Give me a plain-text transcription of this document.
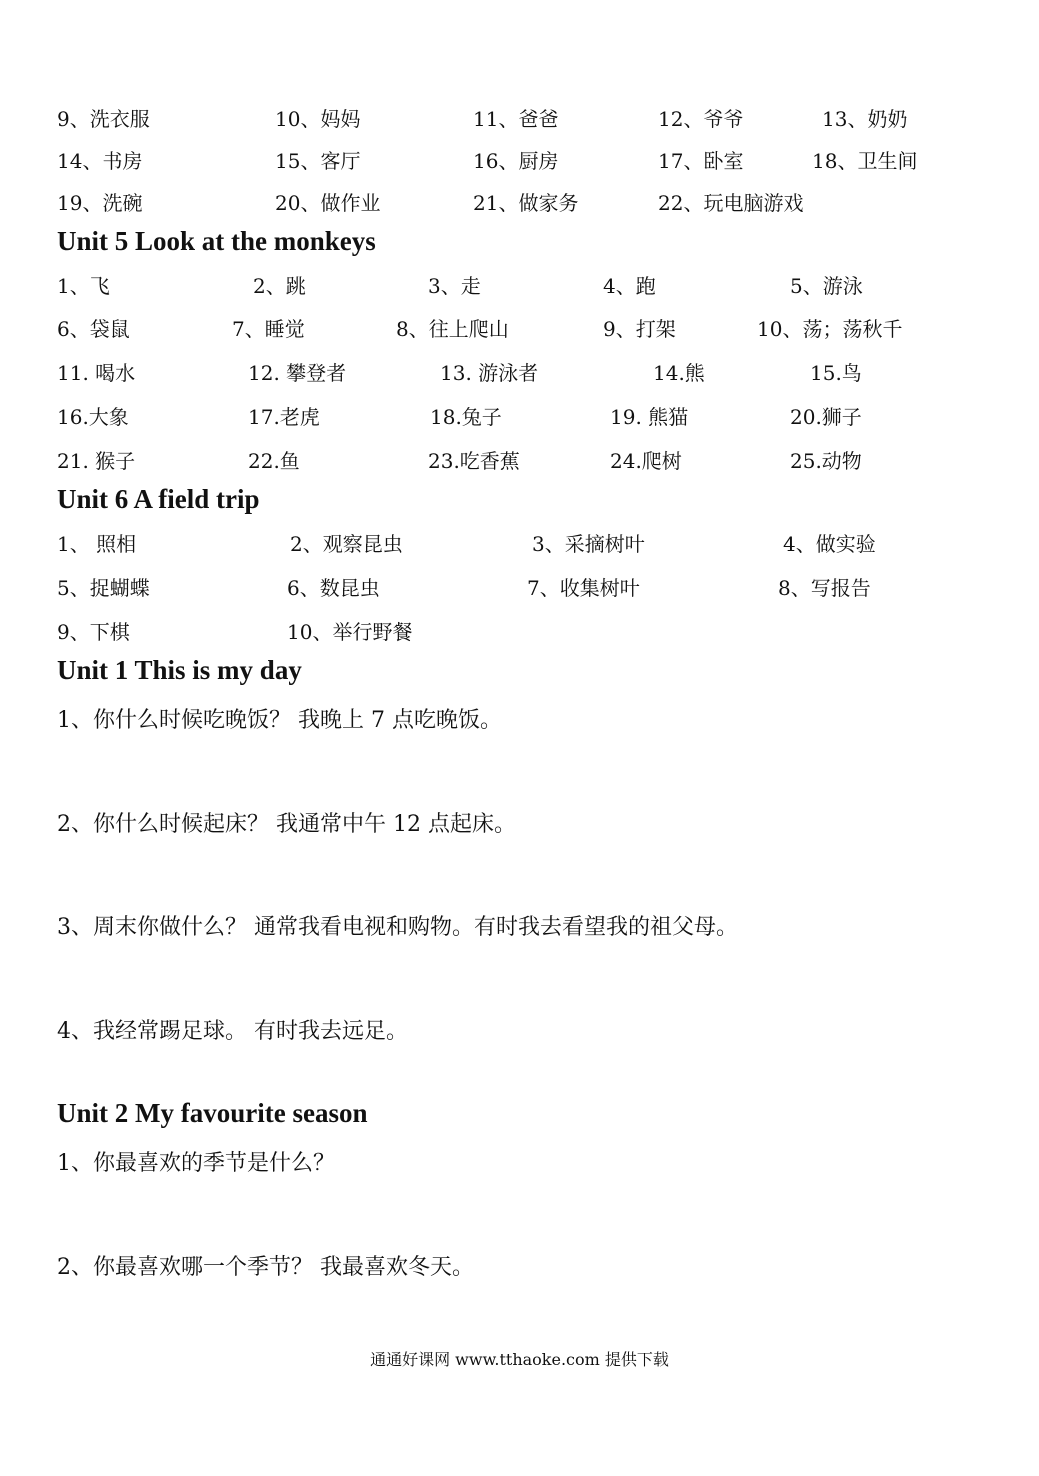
9、洗衣服	10、妈妈	11、爸爸	12、爷爷	13、奶奶
14、书房	15、客厅	16、厨房	17、卧室	18、卫生间
19、洗碗	20、做作业	21、做家务	22、玩电脑游戏
Unit 5 Look at the monkeys
1、飞	2、跳	3、走	4、跑	5、游泳
6、袋鼠	7、睡觉	8、往上爬山	9、打架	10、荡；荡秋千
11. 喝水	12. 攀登者	13. 游泳者	14.熊	15.鸟
16.大象	17.老虎	18.兔子	19. 熊猫	20.狮子
21. 猴子	22.鱼	23.吃香蕉	24.爬树	25.动物
Unit 6 A field trip
1、 照相	2、观察昆虫	3、采摘树叶	4、做实验
5、捉蝴蝶	6、数昆虫	7、收集树叶	8、写报告
9、下棋	10、举行野餐
Unit 1 This is my day
1、你什么时候吃晚饭？ 我晚上 7 点吃晚饭。
2、你什么时候起床？ 我通常中午 12 点起床。
3、周末你做什么？ 通常我看电视和购物。有时我去看望我的祖父母。
4、我经常踢足球。 有时我去远足。
Unit 2 My favourite season
1、你最喜欢的季节是什么？
2、你最喜欢哪一个季节？ 我最喜欢冬天。
通通好课网 www.tthaoke.com 提供下载
